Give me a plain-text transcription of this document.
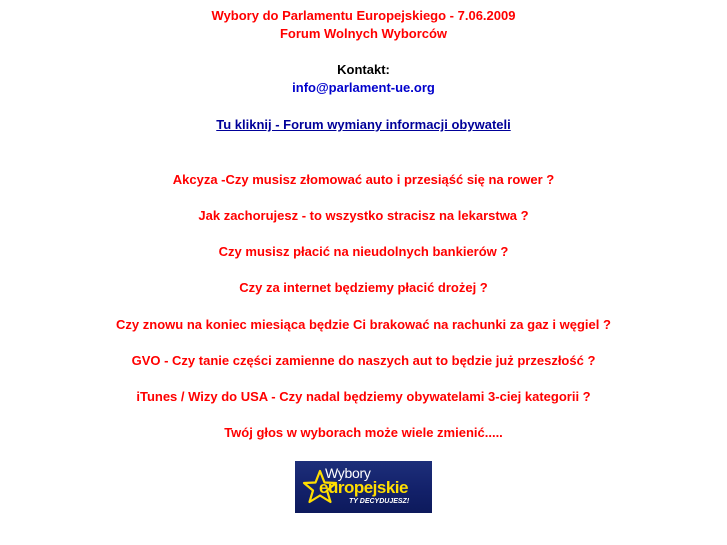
Wybory do Parlamentu Europejskiego - 7.06.2009
Forum Wolnych Wyborców
Kontakt:
info@parlament-ue.org
Tu kliknij - Forum wymiany informacji obywateli
Akcyza -Czy musisz złomować auto i przesiąść się na rower ?
Jak zachorujesz - to wszystko stracisz na lekarstwa ?
Czy musisz płacić na nieudolnych bankierów ?
Czy za internet będziemy płacić drożej ?
Czy znowu na koniec miesiąca będzie Ci brakować na rachunki za gaz i węgiel ?
GVO - Czy tanie części zamienne do naszych aut to będzie już przeszłość ?
iTunes / Wizy do USA - Czy nadal będziemy obywatelami 3-ciej kategorii ?
Twój głos w wyborach może wiele zmienić.....
Wybory
europejskie
TY DECYDUJESZ!
